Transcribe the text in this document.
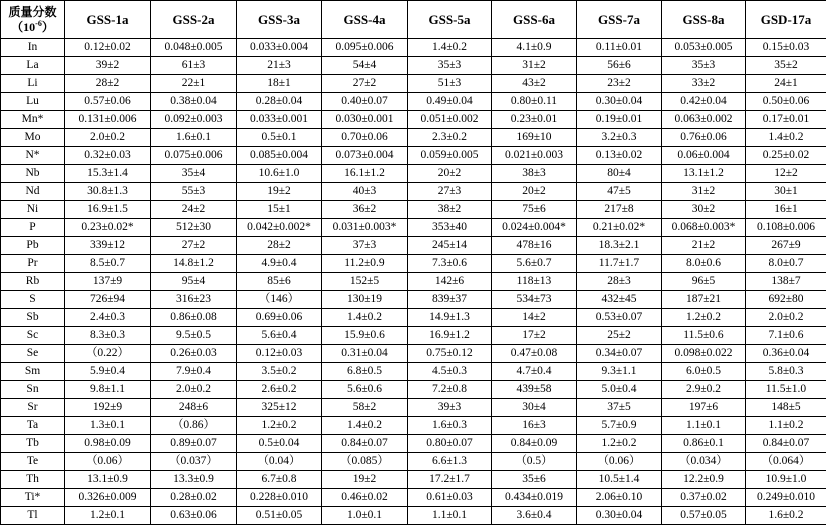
质量分数
$(10^{-6})$	GSS-1a	GSS-2a	GSS-3a	GSS-4a	GSS-5a	GSS-6a	GSS-7a	GSS-8a	GSD-17a
In	0.12±0.02	0.048±0.005	0.033±0.004	0.095±0.006	1.4±0.2	4.1±0.9	0.11±0.01	0.053±0.005	0.15±0.03
La	39±2	61±3	21±3	54±4	35±3	31±2	56±6	35±3	35±2
Li	28±2	22±1	18±1	27±2	51±3	43±2	23±2	33±2	24±1
Lu	0.57±0.06	0.38±0.04	0.28±0.04	0.40±0.07	0.49±0.04	0.80±0.11	0.30±0.04	0.42±0.04	0.50±0.06
Mn*	0.131±0.006	0.092±0.003	0.033±0.001	0.030±0.001	0.051±0.002	0.23±0.01	0.19±0.01	0.063±0.002	0.17±0.01
Mo	2.0±0.2	1.6±0.1	0.5±0.1	0.70±0.06	2.3±0.2	169±10	3.2±0.3	0.76±0.06	1.4±0.2
N*	0.32±0.03	0.075±0.006	0.085±0.004	0.073±0.004	0.059±0.005	0.021±0.003	0.13±0.02	0.06±0.004	0.25±0.02
Nb	15.3±1.4	35±4	10.6±1.0	16.1±1.2	20±2	38±3	80±4	13.1±1.2	12±2
Nd	30.8±1.3	55±3	19±2	40±3	27±3	20±2	47±5	31±2	30±1
Ni	16.9±1.5	24±2	15±1	36±2	38±2	75±6	217±8	30±2	16±1
P	0.23±0.02*	512±30	0.042±0.002*	0.031±0.003*	353±40	0.024±0.004*	0.21±0.02*	0.068±0.003*	0.108±0.006
Pb	339±12	27±2	28±2	37±3	245±14	478±16	18.3±2.1	21±2	267±9
Pr	8.5±0.7	14.8±1.2	4.9±0.4	11.2±0.9	7.3±0.6	5.6±0.7	11.7±1.7	8.0±0.6	8.0±0.7
Rb	137±9	95±4	85±6	152±5	142±6	118±13	28±3	96±5	138±7
S	726±94	316±23	（146）	130±19	839±37	534±73	432±45	187±21	692±80
Sb	2.4±0.3	0.86±0.08	0.69±0.06	1.4±0.2	14.9±1.3	14±2	0.53±0.07	1.2±0.2	2.0±0.2
Sc	8.3±0.3	9.5±0.5	5.6±0.4	15.9±0.6	16.9±1.2	17±2	25±2	11.5±0.6	7.1±0.6
Se	（0.22）	0.26±0.03	0.12±0.03	0.31±0.04	0.75±0.12	0.47±0.08	0.34±0.07	0.098±0.022	0.36±0.04
Sm	5.9±0.4	7.9±0.4	3.5±0.2	6.8±0.5	4.5±0.3	4.7±0.4	9.3±1.1	6.0±0.5	5.8±0.3
Sn	9.8±1.1	2.0±0.2	2.6±0.2	5.6±0.6	7.2±0.8	439±58	5.0±0.4	2.9±0.2	11.5±1.0
Sr	192±9	248±6	325±12	58±2	39±3	30±4	37±5	197±6	148±5
Ta	1.3±0.1	（0.86）	1.2±0.2	1.4±0.2	1.6±0.3	16±3	5.7±0.9	1.1±0.1	1.1±0.2
Tb	0.98±0.09	0.89±0.07	0.5±0.04	0.84±0.07	0.80±0.07	0.84±0.09	1.2±0.2	0.86±0.1	0.84±0.07
Te	（0.06）	（0.037）	（0.04）	（0.085）	6.6±1.3	（0.5）	（0.06）	（0.034）	（0.064）
Th	13.1±0.9	13.3±0.9	6.7±0.8	19±2	17.2±1.7	35±6	10.5±1.4	12.2±0.9	10.9±1.0
Ti*	0.326±0.009	0.28±0.02	0.228±0.010	0.46±0.02	0.61±0.03	0.434±0.019	2.06±0.10	0.37±0.02	0.249±0.010
Tl	1.2±0.1	0.63±0.06	0.51±0.05	1.0±0.1	1.1±0.1	3.6±0.4	0.30±0.04	0.57±0.05	1.6±0.2
